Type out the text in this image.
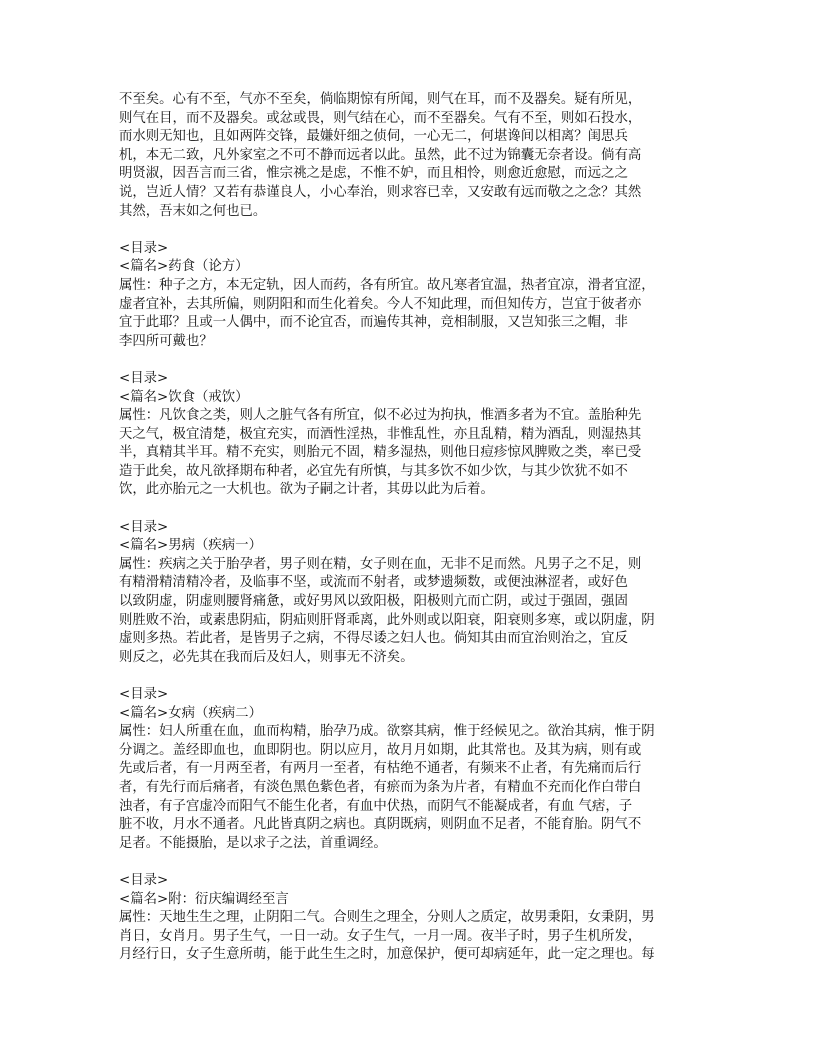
不至矣。心有不至，气亦不至矣，倘临期惊有所闻，则气在耳，而不及器矣。疑有所见，
则气在目，而不及器矣。或忿或畏，则气结在心，而不至器矣。气有不至，则如石投水，
而水则无知也，且如两阵交锋，最嫌奸细之侦伺，一心无二，何堪谗间以相离？闺思兵
机，本无二致，凡外家室之不可不静而远者以此。虽然，此不过为锦囊无奈者设。倘有高
明贤淑，因吾言而三省，惟宗祧之是虑，不惟不妒，而且相怜，则愈近愈慰，而远之之
说，岂近人情？又若有恭谨良人，小心奉治，则求容已幸，又安敢有远而敬之之念？其然
其然，吾末如之何也已。

<目录>
<篇名>药食（论方）
属性：种子之方，本无定轨，因人而药，各有所宜。故凡寒者宜温，热者宜凉，滑者宜涩，
虚者宜补，去其所偏，则阴阳和而生化着矣。今人不知此理，而但知传方，岂宜于彼者亦
宜于此耶？且或一人偶中，而不论宜否，而遍传其神，竞相制服，又岂知张三之帽，非
李四所可戴也？
<目录>
<篇名>饮食（戒饮）
属性：凡饮食之类，则人之脏气各有所宜，似不必过为拘执，惟酒多者为不宜。盖胎种先
天之气，极宜清楚，极宜充实，而酒性淫热，非惟乱性，亦且乱精，精为酒乱，则湿热其
半，真精其半耳。精不充实，则胎元不固，精多湿热，则他日痘疹惊风脾败之类，率已受
造于此矣，故凡欲择期布种者，必宜先有所慎，与其多饮不如少饮，与其少饮犹不如不
饮，此亦胎元之一大机也。欲为子嗣之计者，其毋以此为后着。
<目录>
<篇名>男病（疾病一）
属性：疾病之关于胎孕者，男子则在精，女子则在血，无非不足而然。凡男子之不足，则
有精滑精清精冷者，及临事不坚，或流而不射者，或梦遗频数，或便浊淋涩者，或好色
以致阴虚，阴虚则腰肾痛惫，或好男风以致阳极，阳极则亢而亡阴，或过于强固，强固
则胜败不治，或素患阴疝，阴疝则肝肾乖离，此外则或以阳衰，阳衰则多寒，或以阴虚，阴
虚则多热。若此者，是皆男子之病，不得尽诿之妇人也。倘知其由而宜治则治之，宜反
则反之，必先其在我而后及妇人，则事无不济矣。
<目录>
<篇名>女病（疾病二）
属性：妇人所重在血，血而构精，胎孕乃成。欲察其病，惟于经候见之。欲治其病，惟于阴
分调之。盖经即血也，血即阴也。阴以应月，故月月如期，此其常也。及其为病，则有或
先或后者，有一月两至者，有两月一至者，有枯绝不通者，有频来不止者，有先痛而后行
者，有先行而后痛者，有淡色黑色紫色者，有瘀而为条为片者，有精血不充而化作白带白
浊者，有子宫虚冷而阳气不能生化者，有血中伏热，而阴气不能凝成者，有血 气痞，子
脏不收，月水不通者。凡此皆真阴之病也。真阴既病，则阴血不足者，不能育胎。阴气不
足者。不能摄胎，是以求子之法，首重调经。
<目录>
<篇名>附：衍庆编调经至言
属性：天地生生之理，止阴阳二气。合则生之理全，分则人之质定，故男秉阳，女秉阴，男
肖日，女肖月。男子生气，一日一动。女子生气，一月一周。夜半子时，男子生机所发，
月经行日，女子生意所萌，能于此生生之时，加意保护，便可却病延年，此一定之理也。每
